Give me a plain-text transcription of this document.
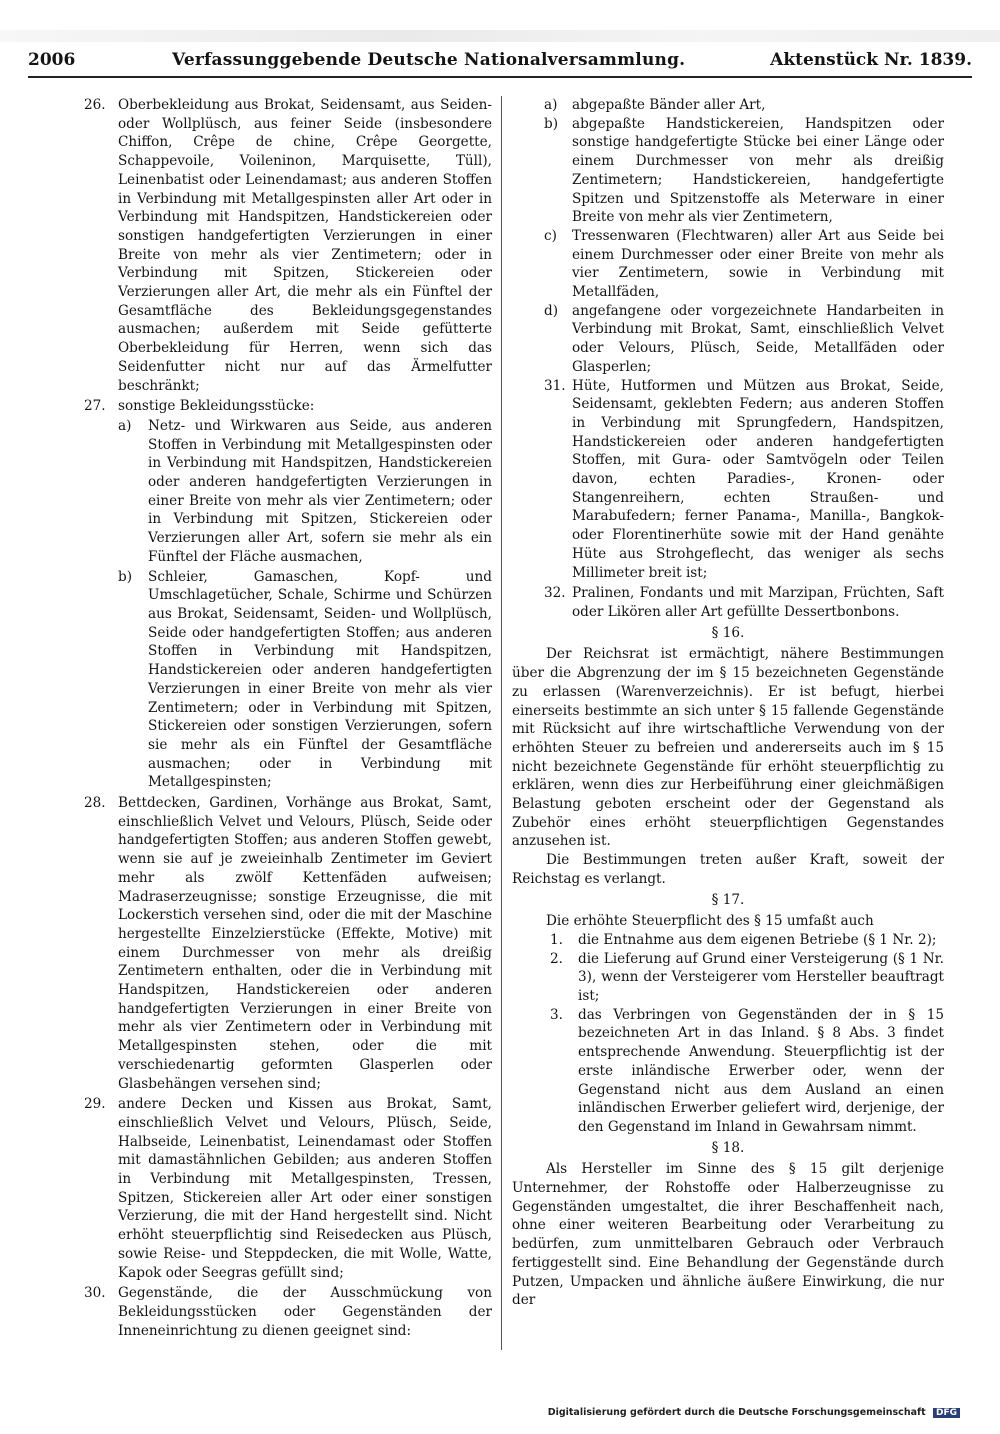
2006	Verfassunggebende Deutsche Nationalversammlung.	Aktenstück Nr. 1839.
26. Oberbekleidung aus Brokat, Seidensamt, aus Seiden- oder Wollplüsch, aus feiner Seide (insbesondere Chiffon, Crêpe de chine, Crêpe Georgette, Schappevoile, Voileninon, Marquisette, Tüll), Leinenbatist oder Leinendamast; aus anderen Stoffen in Verbindung mit Metallgespinsten aller Art oder in Verbindung mit Handspitzen, Handstickereien oder sonstigen handgefertigten Verzierungen in einer Breite von mehr als vier Zentimetern; oder in Verbindung mit Spitzen, Stickereien oder Verzierungen aller Art, die mehr als ein Fünftel der Gesamtfläche des Bekleidungsgegenstandes ausmachen; außerdem mit Seide gefütterte Oberbekleidung für Herren, wenn sich das Seidenfutter nicht nur auf das Ärmelfutter beschränkt;
27. sonstige Bekleidungsstücke:
a) Netz- und Wirkwaren aus Seide, aus anderen Stoffen in Verbindung mit Metallgespinsten oder in Verbindung mit Handspitzen, Handstickereien oder anderen handgefertigten Verzierungen in einer Breite von mehr als vier Zentimetern; oder in Verbindung mit Spitzen, Stickereien oder Verzierungen aller Art, sofern sie mehr als ein Fünftel der Fläche ausmachen,
b) Schleier, Gamaschen, Kopf- und Umschlagetücher, Schale, Schirme und Schürzen aus Brokat, Seidensamt, Seiden- und Wollplüsch, Seide oder handgefertigten Stoffen; aus anderen Stoffen in Verbindung mit Handspitzen, Handstickereien oder anderen handgefertigten Verzierungen in einer Breite von mehr als vier Zentimetern; oder in Verbindung mit Spitzen, Stickereien oder sonstigen Verzierungen, sofern sie mehr als ein Fünftel der Gesamtfläche ausmachen; oder in Verbindung mit Metallgespinsten;
28. Bettdecken, Gardinen, Vorhänge aus Brokat, Samt, einschließlich Velvet und Velours, Plüsch, Seide oder handgefertigten Stoffen; aus anderen Stoffen gewebt, wenn sie auf je zweieinhalb Zentimeter im Geviert mehr als zwölf Kettenfäden aufweisen; Madraserzeugnisse; sonstige Erzeugnisse, die mit Lockerstich versehen sind, oder die mit der Maschine hergestellte Einzelzierstücke (Effekte, Motive) mit einem Durchmesser von mehr als dreißig Zentimetern enthalten, oder die in Verbindung mit Handspitzen, Handstickereien oder anderen handgefertigten Verzierungen in einer Breite von mehr als vier Zentimetern oder in Verbindung mit Metallgespinsten stehen, oder die mit verschiedenartig geformten Glasperlen oder Glasbehängen versehen sind;
29. andere Decken und Kissen aus Brokat, Samt, einschließlich Velvet und Velours, Plüsch, Seide, Halbseide, Leinenbatist, Leinendamast oder Stoffen mit damastähnlichen Gebilden; aus anderen Stoffen in Verbindung mit Metallgespinsten, Tressen, Spitzen, Stickereien aller Art oder einer sonstigen Verzierung, die mit der Hand hergestellt sind. Nicht erhöht steuerpflichtig sind Reisedecken aus Plüsch, sowie Reise- und Steppdecken, die mit Wolle, Watte, Kapok oder Seegras gefüllt sind;
30. Gegenstände, die der Ausschmückung von Bekleidungsstücken oder Gegenständen der Inneneinrichtung zu dienen geeignet sind:
a) abgepaßte Bänder aller Art,
b) abgepaßte Handstickereien, Handspitzen oder sonstige handgefertigte Stücke bei einer Länge oder einem Durchmesser von mehr als dreißig Zentimetern; Handstickereien, handgefertigte Spitzen und Spitzenstoffe als Meterware in einer Breite von mehr als vier Zentimetern,
c) Tressenwaren (Flechtwaren) aller Art aus Seide bei einem Durchmesser oder einer Breite von mehr als vier Zentimetern, sowie in Verbindung mit Metallfäden,
d) angefangene oder vorgezeichnete Handarbeiten in Verbindung mit Brokat, Samt, einschließlich Velvet oder Velours, Plüsch, Seide, Metallfäden oder Glasperlen;
31. Hüte, Hutformen und Mützen aus Brokat, Seide, Seidensamt, geklebten Federn; aus anderen Stoffen in Verbindung mit Sprungfedern, Handspitzen, Handstickereien oder anderen handgefertigten Stoffen, mit Gura- oder Samtvögeln oder Teilen davon, echten Paradies-, Kronen- oder Stangenreihern, echten Straußen- und Marabufedern; ferner Panama-, Manilla-, Bangkok- oder Florentinerhüte sowie mit der Hand genähte Hüte aus Strohgeflecht, das weniger als sechs Millimeter breit ist;
32. Pralinen, Fondants und mit Marzipan, Früchten, Saft oder Likören aller Art gefüllte Dessertbonbons.
§ 16.

Der Reichsrat ist ermächtigt, nähere Bestimmungen über die Abgrenzung der im § 15 bezeichneten Gegenstände zu erlassen (Warenverzeichnis). Er ist befugt, hierbei einerseits bestimmte an sich unter § 15 fallende Gegenstände mit Rücksicht auf ihre wirtschaftliche Verwendung von der erhöhten Steuer zu befreien und andererseits auch im § 15 nicht bezeichnete Gegenstände für erhöht steuerpflichtig zu erklären, wenn dies zur Herbeiführung einer gleichmäßigen Belastung geboten erscheint oder der Gegenstand als Zubehör eines erhöht steuerpflichtigen Gegenstandes anzusehen ist.

Die Bestimmungen treten außer Kraft, soweit der Reichstag es verlangt.

§ 17.

Die erhöhte Steuerpflicht des § 15 umfaßt auch

1. die Entnahme aus dem eigenen Betriebe (§ 1 Nr. 2);
2. die Lieferung auf Grund einer Versteigerung (§ 1 Nr. 3), wenn der Versteigerer vom Hersteller beauftragt ist;
3. das Verbringen von Gegenständen der in § 15 bezeichneten Art in das Inland. § 8 Abs. 3 findet entsprechende Anwendung. Steuerpflichtig ist der erste inländische Erwerber oder, wenn der Gegenstand nicht aus dem Ausland an einen inländischen Erwerber geliefert wird, derjenige, der den Gegenstand im Inland in Gewahrsam nimmt.
§ 18.

Als Hersteller im Sinne des § 15 gilt derjenige Unternehmer, der Rohstoffe oder Halberzeugnisse zu Gegenständen umgestaltet, die ihrer Beschaffenheit nach, ohne einer weiteren Bearbeitung oder Verarbeitung zu bedürfen, zum unmittelbaren Gebrauch oder Verbrauch fertiggestellt sind. Eine Behandlung der Gegenstände durch Putzen, Umpacken und ähnliche äußere Einwirkung, die nur der

Digitalisierung gefördert durch die Deutsche Forschungsgemeinschaft DFG
